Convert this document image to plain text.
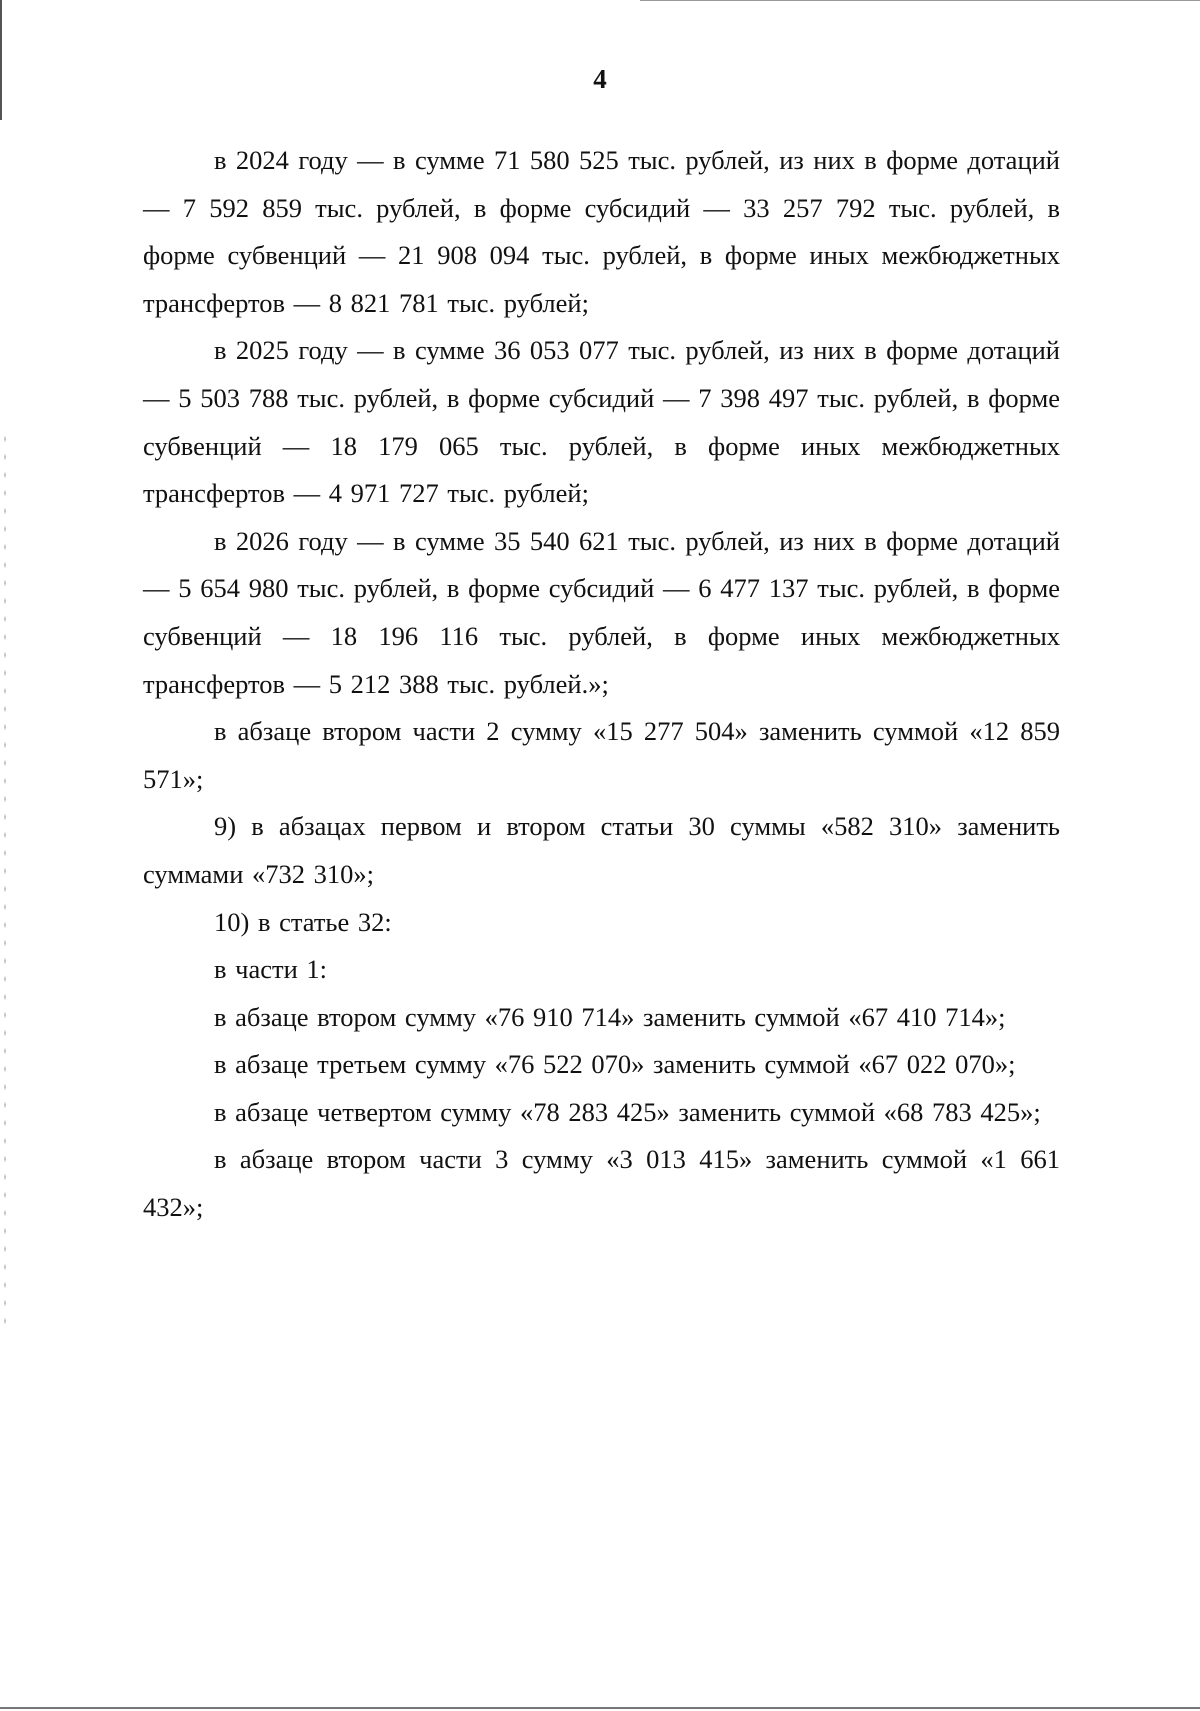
4

в 2024 году — в сумме 71 580 525 тыс. рублей, из них в форме дотаций — 7 592 859 тыс. рублей, в форме субсидий — 33 257 792 тыс. рублей, в форме субвенций — 21 908 094 тыс. рублей, в форме иных межбюджетных трансфертов — 8 821 781 тыс. рублей;

в 2025 году — в сумме 36 053 077 тыс. рублей, из них в форме дотаций — 5 503 788 тыс. рублей, в форме субсидий — 7 398 497 тыс. рублей, в форме субвенций — 18 179 065 тыс. рублей, в форме иных межбюджетных трансфертов — 4 971 727 тыс. рублей;

в 2026 году — в сумме 35 540 621 тыс. рублей, из них в форме дотаций — 5 654 980 тыс. рублей, в форме субсидий — 6 477 137 тыс. рублей, в форме субвенций — 18 196 116 тыс. рублей, в форме иных межбюджетных трансфертов — 5 212 388 тыс. рублей.»;

в абзаце втором части 2 сумму «15 277 504» заменить суммой «12 859 571»;

9) в абзацах первом и втором статьи 30 суммы «582 310» заменить суммами «732 310»;

10) в статье 32:

в части 1:

в абзаце втором сумму «76 910 714» заменить суммой «67 410 714»;

в абзаце третьем сумму «76 522 070» заменить суммой «67 022 070»;

в абзаце четвертом сумму «78 283 425» заменить суммой «68 783 425»;

в абзаце втором части 3 сумму «3 013 415» заменить суммой «1 661 432»;
